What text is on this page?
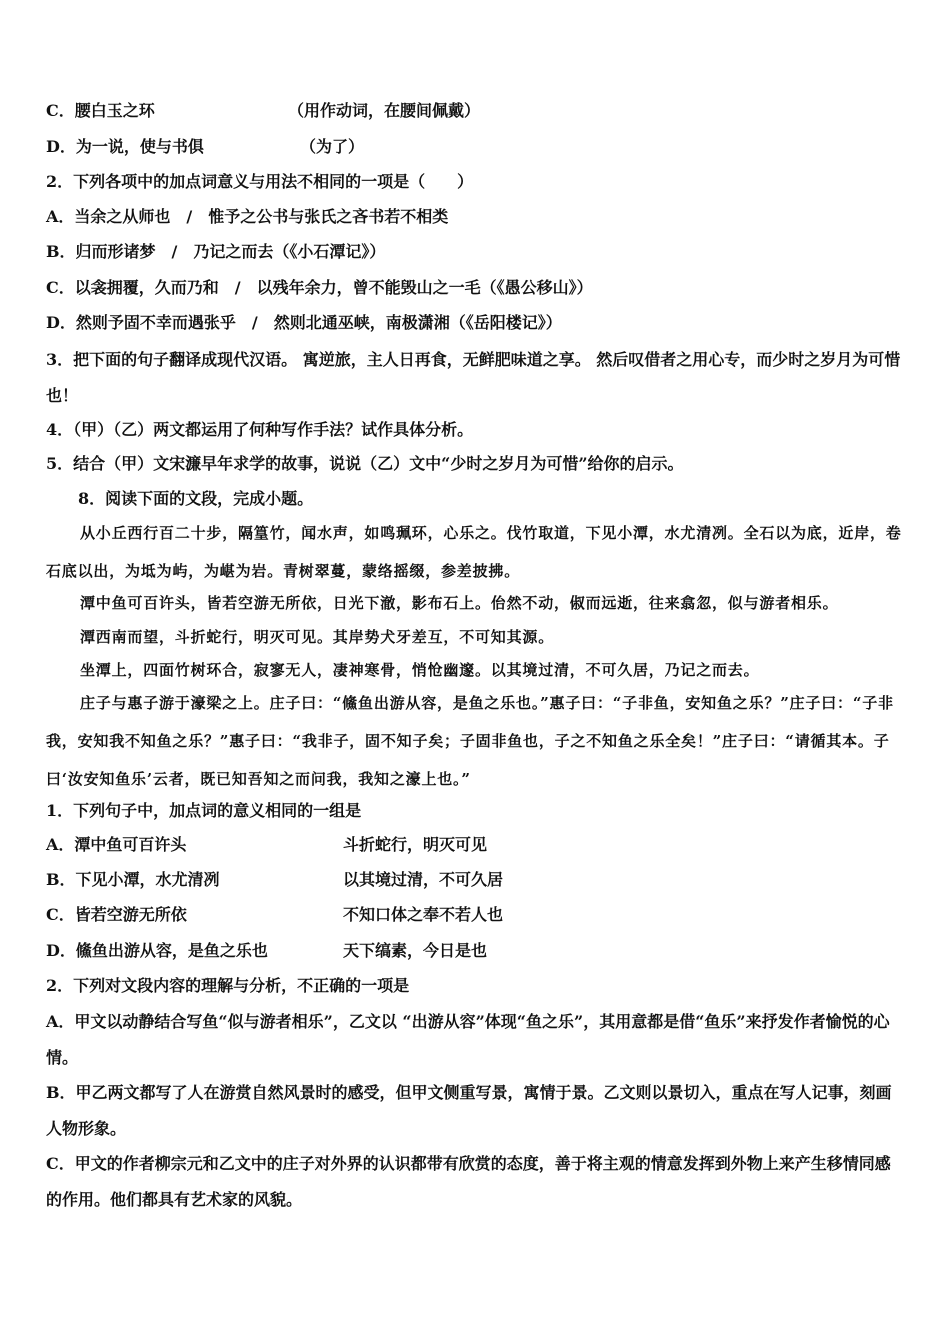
C．腰白玉之环	（用作动词，在腰间佩戴）
D．为一说，使与书俱	（为了）
2．下列各项中的加点词意义与用法不相同的一项是（　　）
A．当余之从师也　/　惟予之公书与张氏之吝书若不相类
B．归而形诸梦　/　乃记之而去（《小石潭记》）
C．以衾拥覆，久而乃和　/　以残年余力，曾不能毁山之一毛（《愚公移山》）
D．然则予固不幸而遇张乎　/　然则北通巫峡，南极潇湘（《岳阳楼记》）
3．把下面的句子翻译成现代汉语。 寓逆旅，主人日再食，无鲜肥味道之享。 然后叹借者之用心专，而少时之岁月为可惜也！
4．（甲）（乙）两文都运用了何种写作手法？试作具体分析。
5．结合（甲）文宋濂早年求学的故事，说说（乙）文中“少时之岁月为可惜”给你的启示。
8．阅读下面的文段，完成小题。
从小丘西行百二十步，隔篁竹，闻水声，如鸣珮环，心乐之。伐竹取道，下见小潭，水尤清冽。全石以为底，近岸，卷石底以出，为坻为屿，为嵁为岩。青树翠蔓，蒙络摇缀，参差披拂。
潭中鱼可百许头，皆若空游无所依，日光下澈，影布石上。佁然不动，俶而远逝，往来翕忽，似与游者相乐。
潭西南而望，斗折蛇行，明灭可见。其岸势犬牙差互，不可知其源。
坐潭上，四面竹树环合，寂寥无人，凄神寒骨，悄怆幽邃。以其境过清，不可久居，乃记之而去。
庄子与惠子游于濠梁之上。庄子曰：“鯈鱼出游从容，是鱼之乐也。”惠子曰：“子非鱼，安知鱼之乐？”庄子曰：“子非我，安知我不知鱼之乐？”惠子曰：“我非子，固不知子矣；子固非鱼也，子之不知鱼之乐全矣！”庄子曰：“请循其本。子曰‘汝安知鱼乐’云者，既已知吾知之而问我，我知之濠上也。”
1．下列句子中，加点词的意义相同的一组是
A．潭中鱼可百许头	斗折蛇行，明灭可见
B．下见小潭，水尤清冽	以其境过清，不可久居
C．皆若空游无所依	不知口体之奉不若人也
D．鯈鱼出游从容，是鱼之乐也	天下缟素，今日是也
2．下列对文段内容的理解与分析，不正确的一项是
A．甲文以动静结合写鱼“似与游者相乐”，乙文以 “出游从容”体现“鱼之乐”，其用意都是借“鱼乐”来抒发作者愉悦的心情。
B．甲乙两文都写了人在游赏自然风景时的感受，但甲文侧重写景，寓情于景。乙文则以景切入，重点在写人记事，刻画人物形象。
C．甲文的作者柳宗元和乙文中的庄子对外界的认识都带有欣赏的态度，善于将主观的情意发挥到外物上来产生移情同感的作用。他们都具有艺术家的风貌。
